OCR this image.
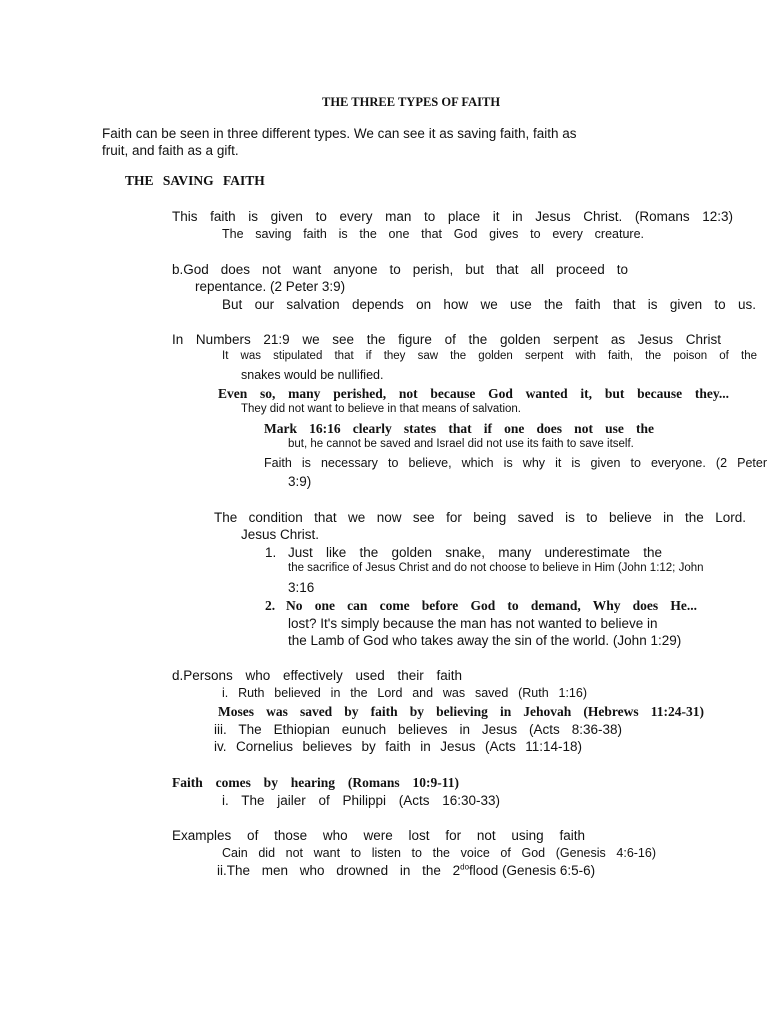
THE THREE TYPES OF FAITH
Faith can be seen in three different types. We can see it as saving faith, faith as
fruit, and faith as a gift.
THE SAVING FAITH
This faith is given to every man to place it in Jesus Christ. (Romans 12:3)
The saving faith is the one that God gives to every creature.
b.God does not want anyone to perish, but that all proceed to
repentance. (2 Peter 3:9)
But our salvation depends on how we use the faith that is given to us.
In Numbers 21:9 we see the figure of the golden serpent as Jesus Christ
It was stipulated that if they saw the golden serpent with faith, the poison of the
snakes would be nullified.
Even so, many perished, not because God wanted it, but because they...
They did not want to believe in that means of salvation.
Mark 16:16 clearly states that if one does not use the
but, he cannot be saved and Israel did not use its faith to save itself.
Faith is necessary to believe, which is why it is given to everyone. (2 Peter
3:9)
The condition that we now see for being saved is to believe in the Lord.
Jesus Christ.
1. Just like the golden snake, many underestimate the
the sacrifice of Jesus Christ and do not choose to believe in Him (John 1:12; John
3:16
2. No one can come before God to demand, Why does He...
lost? It's simply because the man has not wanted to believe in
the Lamb of God who takes away the sin of the world. (John 1:29)
d.Persons who effectively used their faith
i. Ruth believed in the Lord and was saved (Ruth 1:16)
Moses was saved by faith by believing in Jehovah (Hebrews 11:24-31)
iii. The Ethiopian eunuch believes in Jesus (Acts 8:36-38)
iv. Cornelius believes by faith in Jesus (Acts 11:14-18)
Faith comes by hearing (Romans 10:9-11)
i. The jailer of Philippi (Acts 16:30-33)
Examples of those who were lost for not using faith
Cain did not want to listen to the voice of God (Genesis 4:6-16)
ii.The men who drowned in the $2^{do}flood$ (Genesis 6:5-6)
